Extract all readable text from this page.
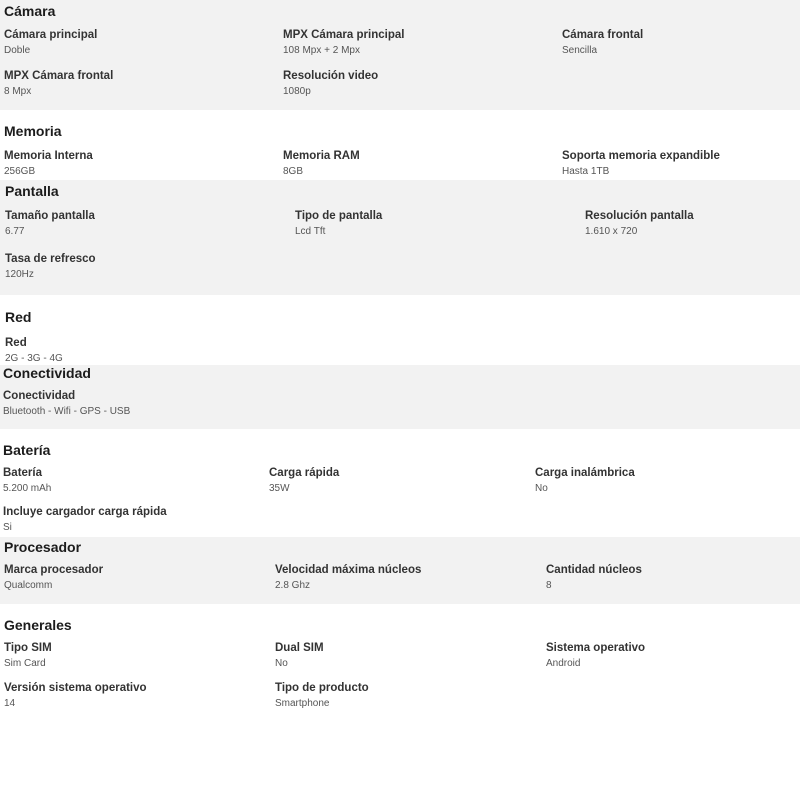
Cámara
Cámara principal
Doble
MPX Cámara principal
108 Mpx + 2 Mpx
Cámara frontal
Sencilla
MPX Cámara frontal
8 Mpx
Resolución video
1080p
Memoria
Memoria Interna
256GB
Memoria RAM
8GB
Soporta memoria expandible
Hasta 1TB
Pantalla
Tamaño pantalla
6.77
Tipo de pantalla
Lcd Tft
Resolución pantalla
1.610 x 720
Tasa de refresco
120Hz
Red
Red
2G - 3G - 4G
Conectividad
Conectividad
Bluetooth - Wifi - GPS - USB
Batería
Batería
5.200 mAh
Carga rápida
35W
Carga inalámbrica
No
Incluye cargador carga rápida
Si
Procesador
Marca procesador
Qualcomm
Velocidad máxima núcleos
2.8 Ghz
Cantidad núcleos
8
Generales
Tipo SIM
Sim Card
Dual SIM
No
Sistema operativo
Android
Versión sistema operativo
14
Tipo de producto
Smartphone
